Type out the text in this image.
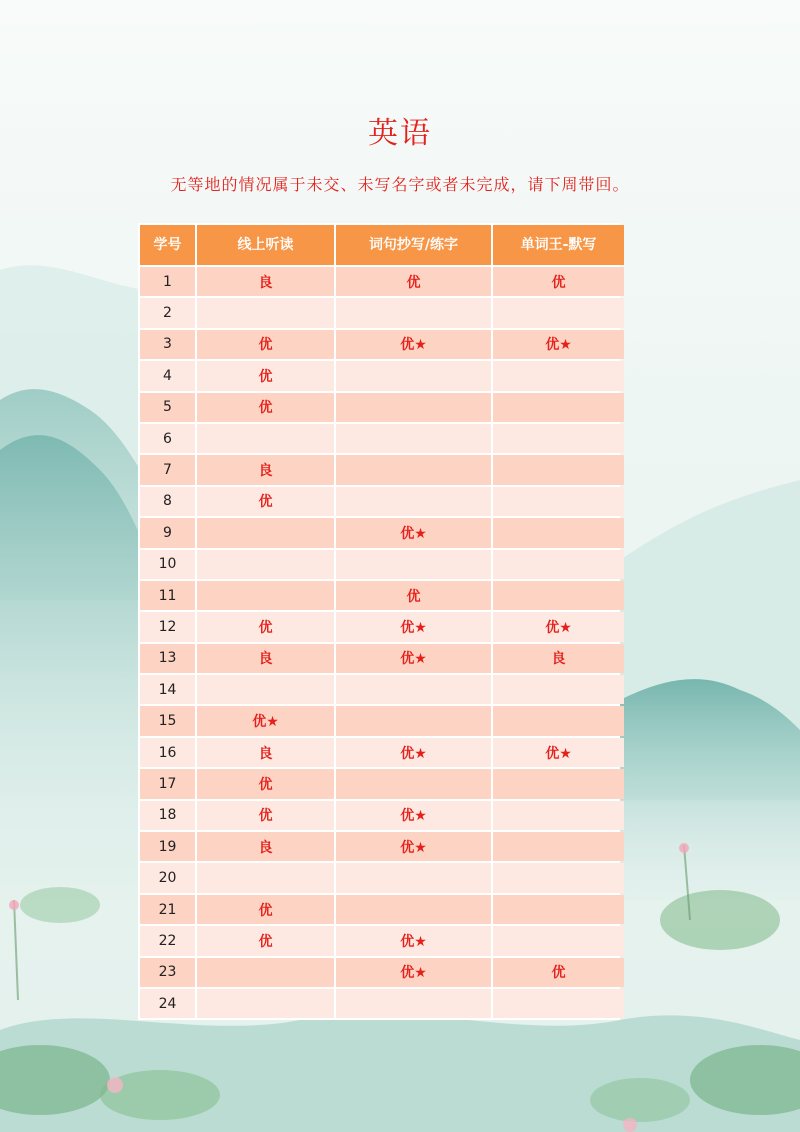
英语
无等地的情况属于未交、未写名字或者未完成，请下周带回。
学号	线上听读	词句抄写/练字	单词王-默写

1	良	优	优
2			
3	优	优★	优★
4	优		
5	优		
6			
7	良		
8	优		
9		优★	
10			
11		优	
12	优	优★	优★
13	良	优★	良
14			
15	优★		
16	良	优★	优★
17	优		
18	优	优★	
19	良	优★	
20			
21	优		
22	优	优★	
23		优★	优
24			
